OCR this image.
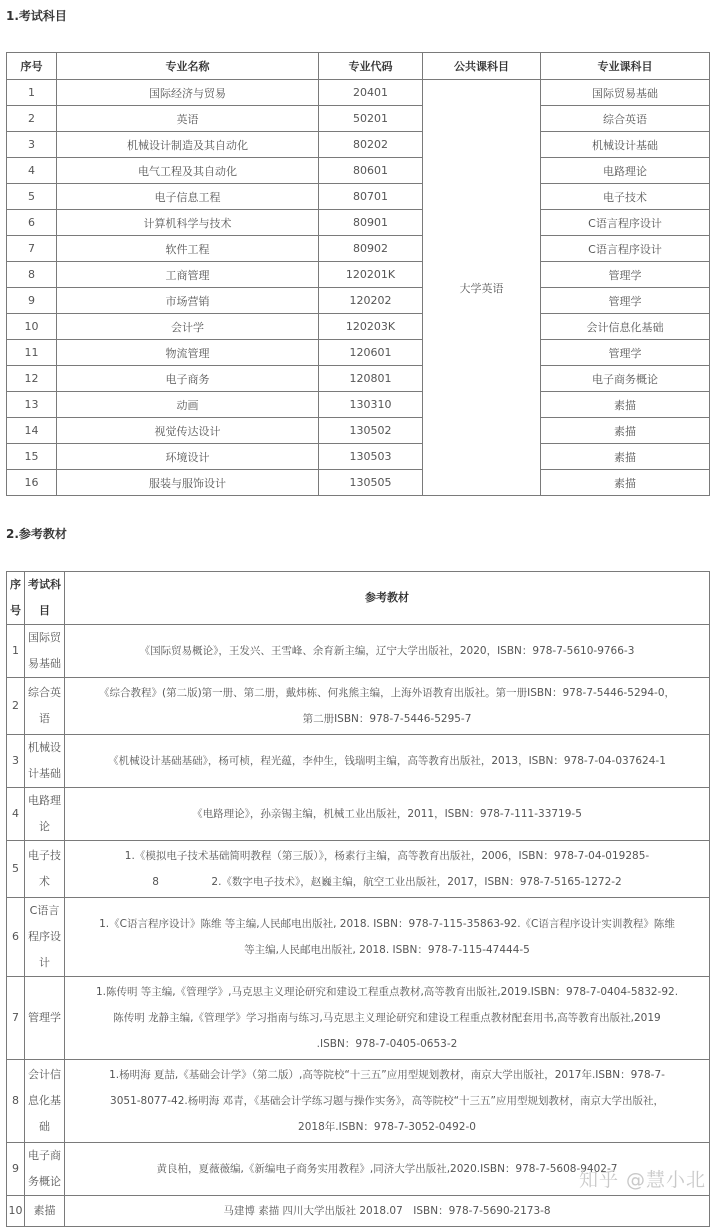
1.考试科目
序号	专业名称	专业代码	公共课科目	专业课科目
1	国际经济与贸易	20401	大学英语	国际贸易基础
2	英语	50201		综合英语
3	机械设计制造及其自动化	80202		机械设计基础
4	电气工程及其自动化	80601		电路理论
5	电子信息工程	80701		电子技术
6	计算机科学与技术	80901		C语言程序设计
7	软件工程	80902		C语言程序设计
8	工商管理	120201K		管理学
9	市场营销	120202		管理学
10	会计学	120203K		会计信息化基础
11	物流管理	120601		管理学
12	电子商务	120801		电子商务概论
13	动画	130310		素描
14	视觉传达设计	130502		素描
15	环境设计	130503		素描
16	服装与服饰设计	130505		素描
2.参考教材
序号	考试科目	参考教材
1	国际贸易基础	《国际贸易概论》，王发兴、王雪峰、余育新主编，辽宁大学出版社，2020，ISBN：978-7-5610-9766-3

2	综合英语	《综合教程》(第二版)第一册、第二册，戴炜栋、何兆熊主编，上海外语教育出版社。第一册ISBN：978-7-5446-5294-0，
第二册ISBN：978-7-5446-5295-7

3	机械设计基础	《机械设计基础基础》，杨可桢，程光蕴，李仲生，钱瑞明主编，高等教育出版社，2013，ISBN：978-7-04-037624-1

4	电路理论	《电路理论》，孙亲锡主编，机械工业出版社，2011，ISBN：978-7-111-33719-5

5	电子技术	1.《模拟电子技术基础简明教程（第三版）》，杨素行主编，高等教育出版社，2006，ISBN：978-7-04-019285-
8　　　　　2.《数字电子技术》，赵巍主编，航空工业出版社，2017，ISBN：978-7-5165-1272-2

6	C语言程序设计	1.《C语言程序设计》陈维 等主编,人民邮电出版社, 2018. ISBN：978-7-115-35863-92.《C语言程序设计实训教程》陈维
等主编,人民邮电出版社, 2018. ISBN：978-7-115-47444-5

7	管理学	1.陈传明 等主编,《管理学》,马克思主义理论研究和建设工程重点教材,高等教育出版社,2019.ISBN：978-7-0404-5832-92.
陈传明 龙静主编,《管理学》学习指南与练习,马克思主义理论研究和建设工程重点教材配套用书,高等教育出版社,2019
.ISBN：978-7-0405-0653-2

8	会计信息化基础	1.杨明海 夏喆,《基础会计学》（第二版）,高等院校“十三五”应用型规划教材，南京大学出版社，2017年.ISBN：978-7-
3051-8077-42.杨明海 邓青，《基础会计学练习题与操作实务》，高等院校“十三五”应用型规划教材，南京大学出版社，
2018年.ISBN：978-7-3052-0492-0

9	电子商务概论	黄良柏，夏薇薇编,《新编电子商务实用教程》,同济大学出版社,2020.ISBN：978-7-5608-9402-7

10	素描	马建博 素描 四川大学出版社 2018.07　ISBN：978-7-5690-2173-8
知乎 @慧小北
